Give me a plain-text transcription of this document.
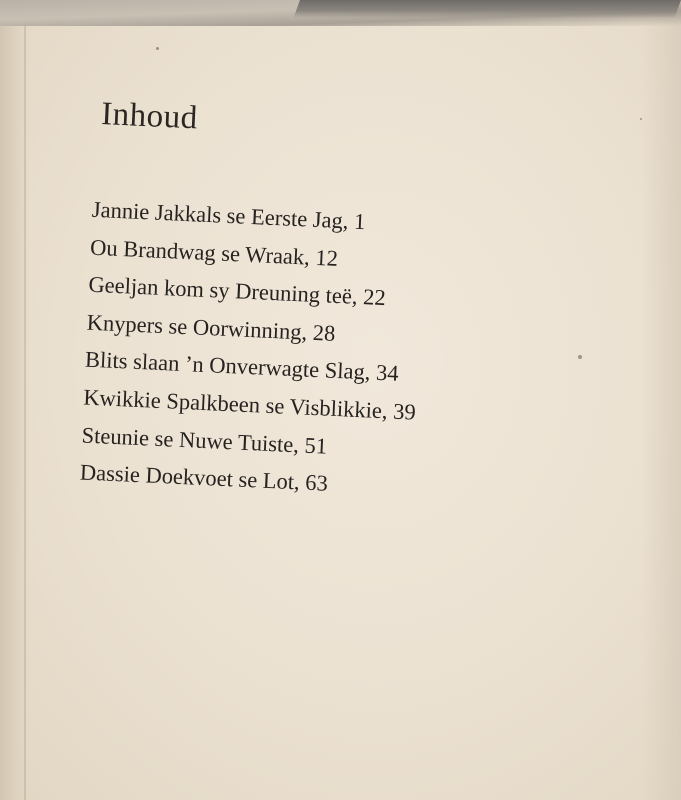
Inhoud
Jannie Jakkals se Eerste Jag, 1
Ou Brandwag se Wraak, 12
Geeljan kom sy Dreuning teë, 22
Knypers se Oorwinning, 28
Blits slaan ’n Onverwagte Slag, 34
Kwikkie Spalkbeen se Visblikkie, 39
Steunie se Nuwe Tuiste, 51
Dassie Doekvoet se Lot, 63
